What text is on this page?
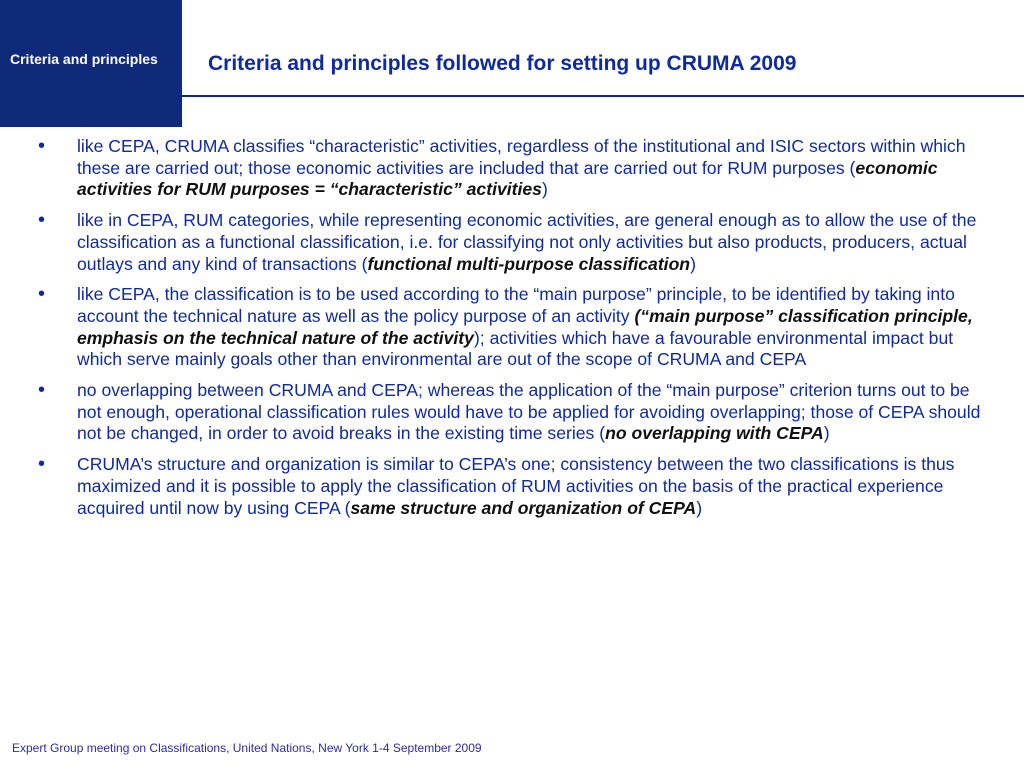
Criteria and principles	Criteria and principles followed for setting up CRUMA 2009
• like CEPA, CRUMA classifies “characteristic” activities, regardless of the institutional and ISIC sectors within which these are carried out; those economic activities are included that are carried out for RUM purposes (economic activities for RUM purposes = “characteristic” activities)
• like in CEPA, RUM categories, while representing economic activities, are general enough as to allow the use of the classification as a functional classification, i.e. for classifying not only activities but also products, producers, actual outlays and any kind of transactions (functional multi-purpose classification)
• like CEPA, the classification is to be used according to the “main purpose” principle, to be identified by taking into account the technical nature as well as the policy purpose of an activity (“main purpose” classification principle, emphasis on the technical nature of the activity); activities which have a favourable environmental impact but which serve mainly goals other than environmental are out of the scope of CRUMA and CEPA
• no overlapping between CRUMA and CEPA; whereas the application of the “main purpose” criterion turns out to be not enough, operational classification rules would have to be applied for avoiding overlapping; those of CEPA should not be changed, in order to avoid breaks in the existing time series (no overlapping with CEPA)
• CRUMA’s structure and organization is similar to CEPA’s one; consistency between the two classifications is thus maximized and it is possible to apply the classification of RUM activities on the basis of the practical experience acquired until now by using CEPA (same structure and organization of CEPA)
Expert Group meeting on Classifications, United Nations, New York 1-4 September 2009
